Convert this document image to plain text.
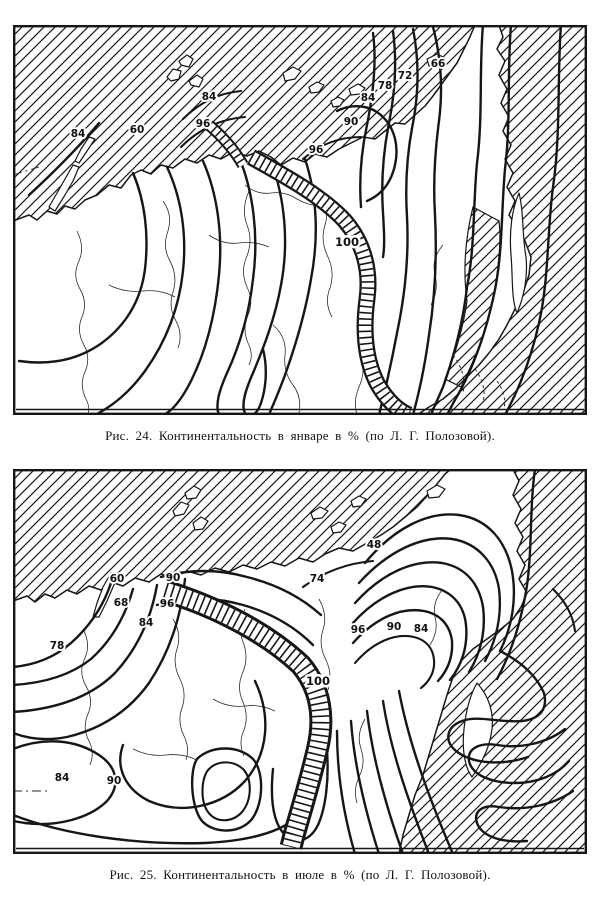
84	60
84
96	90
96
84
78
72
66
100
Рис. 24. Континентальность в январе в % (по Л. Г. Полозовой).
60
68
78
90
96
84
48
74
96 90 84
100
84	90
Рис. 25. Континентальность в июле в % (по Л. Г. Полозовой).
